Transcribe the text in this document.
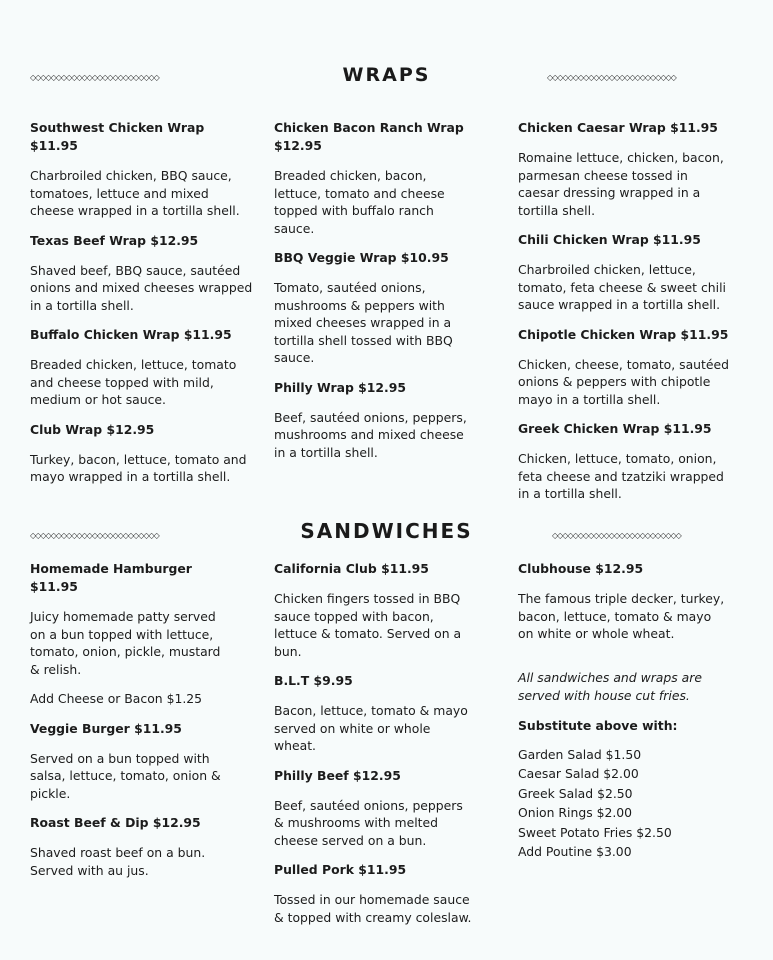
◇◇◇◇◇◇◇◇◇◇◇◇◇◇◇◇◇◇◇◇◇◇◇◇◇	WRAPS	◇◇◇◇◇◇◇◇◇◇◇◇◇◇◇◇◇◇◇◇◇◇◇◇◇
Southwest Chicken Wrap
$11.95
Charbroiled chicken, BBQ sauce, tomatoes, lettuce and mixed cheese wrapped in a tortilla shell.
Texas Beef Wrap $12.95
Shaved beef, BBQ sauce, sautéed onions and mixed cheeses wrapped in a tortilla shell.
Buffalo Chicken Wrap $11.95
Breaded chicken, lettuce, tomato and cheese topped with mild, medium or hot sauce.
Club Wrap $12.95
Turkey, bacon, lettuce, tomato and mayo wrapped in a tortilla shell.
Chicken Bacon Ranch Wrap
$12.95
Breaded chicken, bacon, lettuce, tomato and cheese topped with buffalo ranch sauce.
BBQ Veggie Wrap $10.95
Tomato, sautéed onions, mushrooms & peppers with mixed cheeses wrapped in a tortilla shell tossed with BBQ sauce.
Philly Wrap $12.95
Beef, sautéed onions, peppers, mushrooms and mixed cheese in a tortilla shell.
Chicken Caesar Wrap $11.95
Romaine lettuce, chicken, bacon, parmesan cheese tossed in caesar dressing wrapped in a tortilla shell.
Chili Chicken Wrap $11.95
Charbroiled chicken, lettuce, tomato, feta cheese & sweet chili sauce wrapped in a tortilla shell.
Chipotle Chicken Wrap $11.95
Chicken, cheese, tomato, sautéed onions & peppers with chipotle mayo in a tortilla shell.
Greek Chicken Wrap $11.95
Chicken, lettuce, tomato, onion, feta cheese and tzatziki wrapped in a tortilla shell.
◇◇◇◇◇◇◇◇◇◇◇◇◇◇◇◇◇◇◇◇◇◇◇◇◇	SANDWICHES	◇◇◇◇◇◇◇◇◇◇◇◇◇◇◇◇◇◇◇◇◇◇◇◇◇
Homemade Hamburger $11.95
Juicy homemade patty served on a bun topped with lettuce, tomato, onion, pickle, mustard & relish.
Add Cheese or Bacon $1.25
Veggie Burger $11.95
Served on a bun topped with salsa, lettuce, tomato, onion & pickle.
Roast Beef & Dip $12.95
Shaved roast beef on a bun. Served with au jus.
California Club $11.95
Chicken fingers tossed in BBQ sauce topped with bacon, lettuce & tomato. Served on a bun.
B.L.T $9.95
Bacon, lettuce, tomato & mayo served on white or whole wheat.
Philly Beef $12.95
Beef, sautéed onions, peppers & mushrooms with melted cheese served on a bun.
Pulled Pork $11.95
Tossed in our homemade sauce & topped with creamy coleslaw.
Clubhouse $12.95
The famous triple decker, turkey, bacon, lettuce, tomato & mayo on white or whole wheat.
All sandwiches and wraps are served with house cut fries.
Substitute above with:
Garden Salad $1.50
Caesar Salad $2.00
Greek Salad $2.50
Onion Rings $2.00
Sweet Potato Fries $2.50
Add Poutine $3.00
